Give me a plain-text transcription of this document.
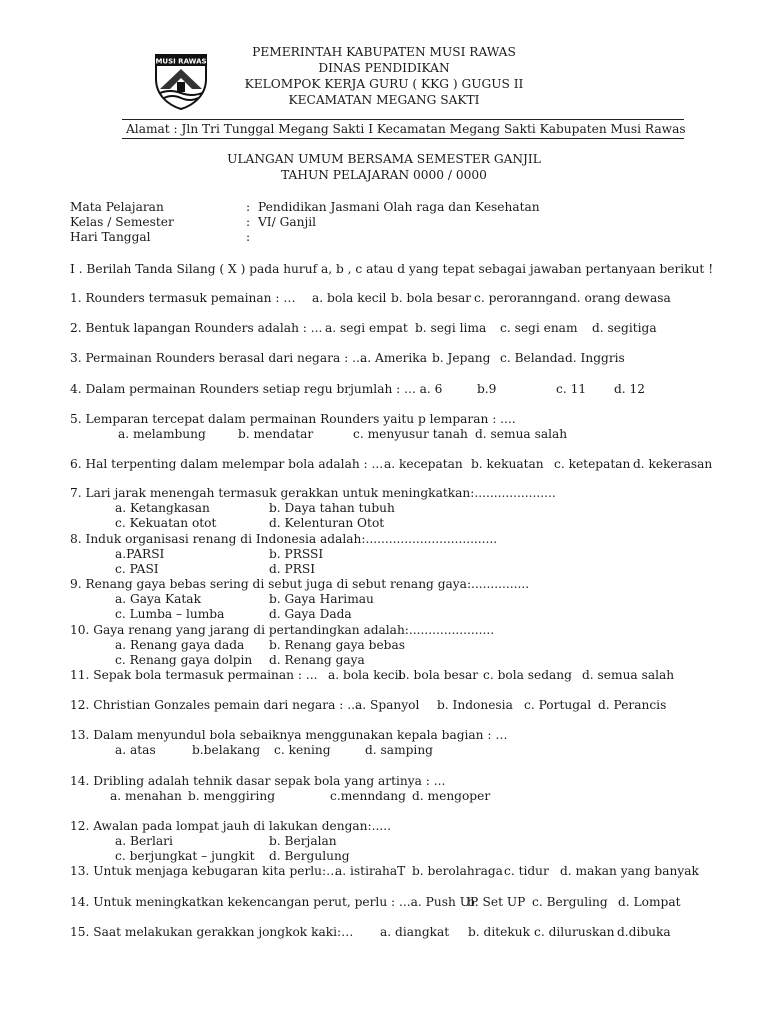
MUSI RAWAS
PEMERINTAH KABUPATEN MUSI RAWAS
DINAS PENDIDIKAN
KELOMPOK KERJA GURU ( KKG ) GUGUS II
KECAMATAN MEGANG SAKTI
Alamat : Jln Tri Tunggal Megang Sakti I Kecamatan Megang Sakti Kabupaten Musi Rawas
ULANGAN UMUM BERSAMA SEMESTER GANJIL
TAHUN PELAJARAN 0000 / 0000
Mata Pelajaran	: Pendidikan Jasmani Olah raga dan Kesehatan
Kelas / Semester	: VI/ Ganjil
Hari Tanggal	:
I . Berilah Tanda Silang ( X ) pada huruf a, b , c atau d yang tepat sebagai jawaban pertanyaan berikut !
1. Rounders termasuk pemainan : … a. bola kecil b. bola besar c. peroranngan d. orang dewasa
2. Bentuk lapangan Rounders adalah : ... a. segi empat b. segi lima c. segi enam d. segitiga
3. Permainan Rounders berasal dari negara : ...
a. Amerika b. Jepang c. Belanda d. Inggris
4. Dalam permainan Rounders setiap regu brjumlah : ... a. 6	b.9	c. 11 d. 12
5. Lemparan tercepat dalam permainan Rounders yaitu p lemparan : ....
a. melambung	b. mendatar	c. menyusur tanah d. semua salah
6. Hal terpenting dalam melempar bola adalah : ... a. kecepatan b. kekuatan c. ketepatan d. kekerasan
7. Lari jarak menengah termasuk gerakkan untuk meningkatkan:.....................
a. Ketangkasan	b. Daya tahan tubuh
c. Kekuatan otot	d. Kelenturan Otot
8. Induk organisasi renang di Indonesia adalah:..................................
a.PARSI	b. PRSSI
c. PASI	d. PRSI
9. Renang gaya bebas sering di sebut juga di sebut renang gaya:...............
a. Gaya Katak	b. Gaya Harimau
c. Lumba – lumba	d. Gaya Dada
10. Gaya renang yang jarang di pertandingkan adalah:......................
a. Renang gaya dada b. Renang gaya bebas
c. Renang gaya dolpin d. Renang gaya
11. Sepak bola termasuk permainan : ... a. bola kecil
b. bola besar c. bola sedang d. semua salah
12. Christian Gonzales pemain dari negara : ...
a. Spanyol b. Indonesia c. Portugal d. Perancis
13. Dalam menyundul bola sebaiknya menggunakan kepala bagian : …
a. atas	b.belakang c. kening	d. samping
14. Dribling adalah tehnik dasar sepak bola yang artinya : ...
a. menahan b. menggiring	c.menndang d. mengoper
12. Awalan pada lompat jauh di lakukan dengan:.....
a. Berlari	b. Berjalan
c. berjungkat – jungkit d. Bergulung
13. Untuk menjaga kebugaran kita perlu:…
a. istirahaT b. berolahraga c. tidur d. makan yang banyak
14. Untuk meningkatkan kekencangan perut, perlu : ...a. Push UP
b. Set UP c. Berguling d. Lompat
15. Saat melakukan gerakkan jongkok kaki:… a. diangkat b. ditekuk c. diluruskan d.dibuka
